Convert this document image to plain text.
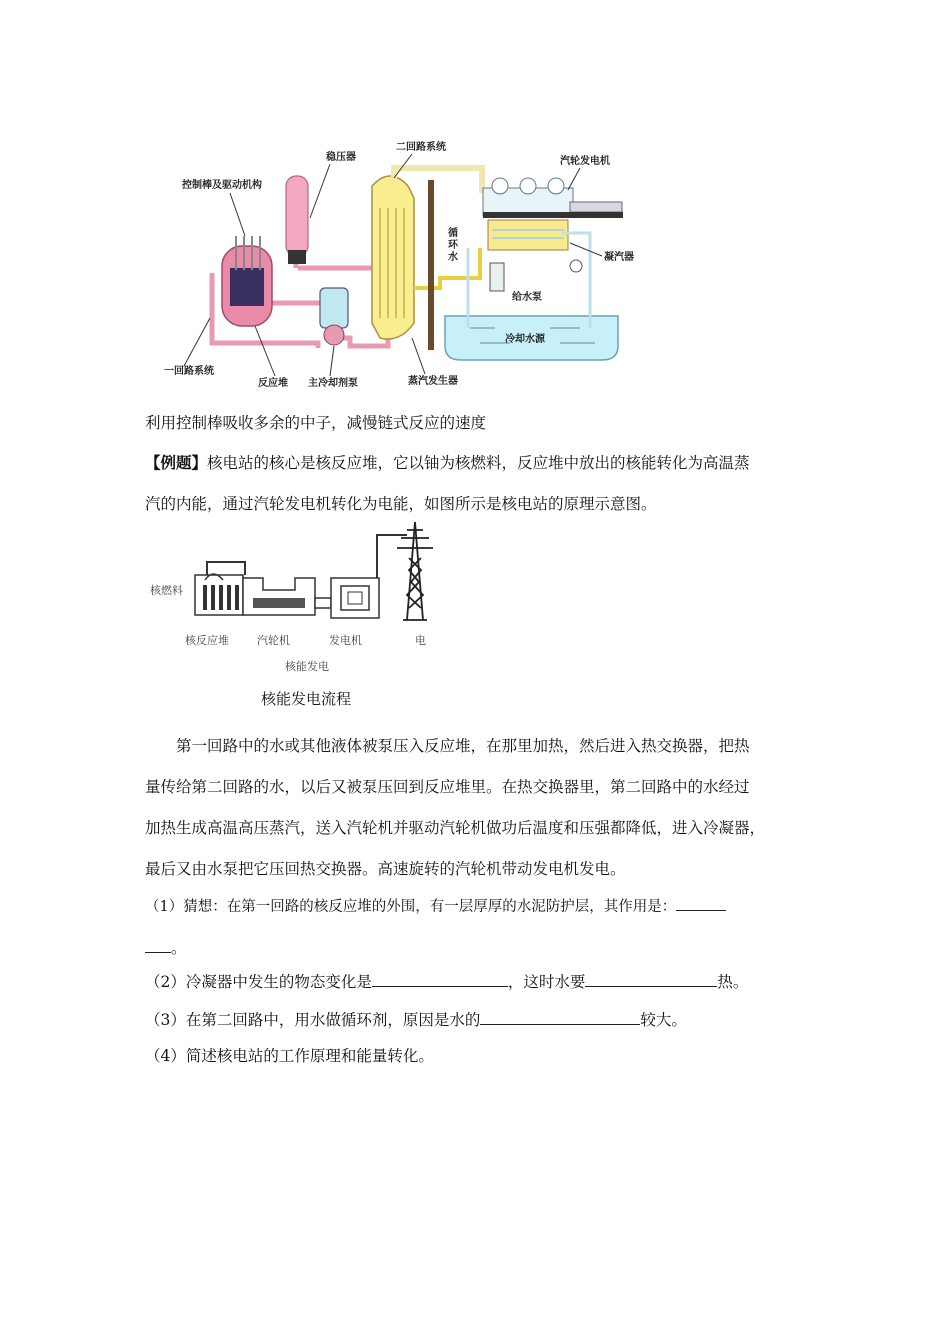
冷却水源
稳压器
控制棒及驱动机构
二回路系统
汽轮发电机
循环水	凝汽器
给水泵
一回路系统
反应堆 主冷却剂泵	蒸汽发生器
利用控制棒吸收多余的中子，减慢链式反应的速度
【例题】核电站的核心是核反应堆，它以铀为核燃料，反应堆中放出的核能转化为高温蒸
汽的内能，通过汽轮发电机转化为电能，如图所示是核电站的原理示意图。
核燃料
核反应堆	汽轮机	发电机	电
核能发电
核能发电流程
第一回路中的水或其他液体被泵压入反应堆，在那里加热，然后进入热交换器，把热
量传给第二回路的水，以后又被泵压回到反应堆里。在热交换器里，第二回路中的水经过
加热生成高温高压蒸汽，送入汽轮机并驱动汽轮机做功后温度和压强都降低，进入冷凝器，
最后又由水泵把它压回热交换器。高速旋转的汽轮机带动发电机发电。
（1）猜想：在第一回路的核反应堆的外围，有一层厚厚的水泥防护层，其作用是：
。
（2）冷凝器中发生的物态变化是	，这时水要	热。
（3）在第二回路中，用水做循环剂，原因是水的	较大。
（4）简述核电站的工作原理和能量转化。
